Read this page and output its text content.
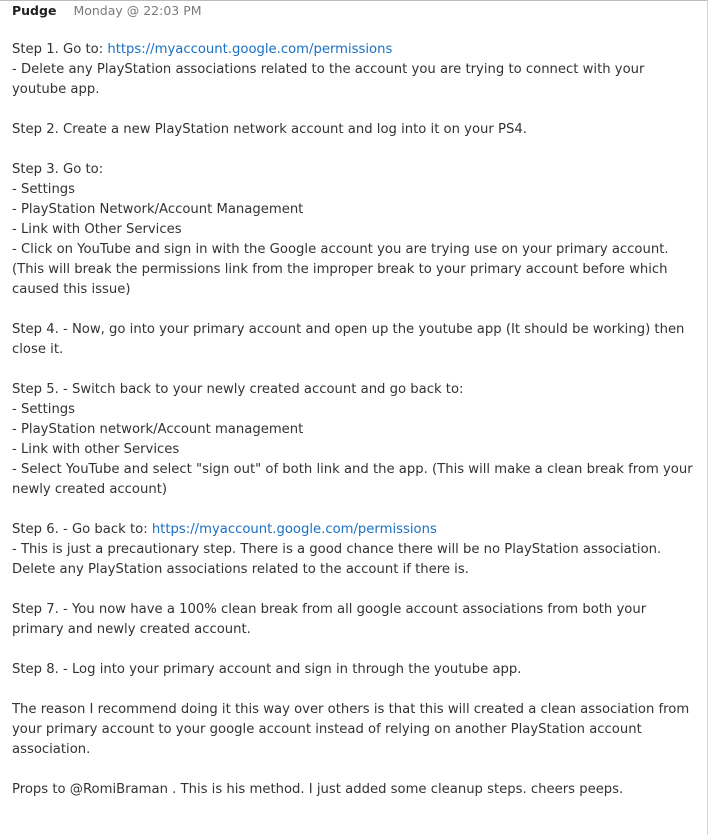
Pudge Monday @ 22:03 PM
Step 1. Go to: https://myaccount.google.com/permissions
- Delete any PlayStation associations related to the account you are trying to connect with your
youtube app.
Step 2. Create a new PlayStation network account and log into it on your PS4.
Step 3. Go to:
- Settings
- PlayStation Network/Account Management
- Link with Other Services
- Click on YouTube and sign in with the Google account you are trying use on your primary account.
(This will break the permissions link from the improper break to your primary account before which
caused this issue)
Step 4. - Now, go into your primary account and open up the youtube app (It should be working) then
close it.
Step 5. - Switch back to your newly created account and go back to:
- Settings
- PlayStation network/Account management
- Link with other Services
- Select YouTube and select "sign out" of both link and the app. (This will make a clean break from your
newly created account)
Step 6. - Go back to: https://myaccount.google.com/permissions
- This is just a precautionary step. There is a good chance there will be no PlayStation association.
Delete any PlayStation associations related to the account if there is.
Step 7. - You now have a 100% clean break from all google account associations from both your
primary and newly created account.
Step 8. - Log into your primary account and sign in through the youtube app.
The reason I recommend doing it this way over others is that this will created a clean association from
your primary account to your google account instead of relying on another PlayStation account
association.
Props to @RomiBraman . This is his method. I just added some cleanup steps. cheers peeps.
